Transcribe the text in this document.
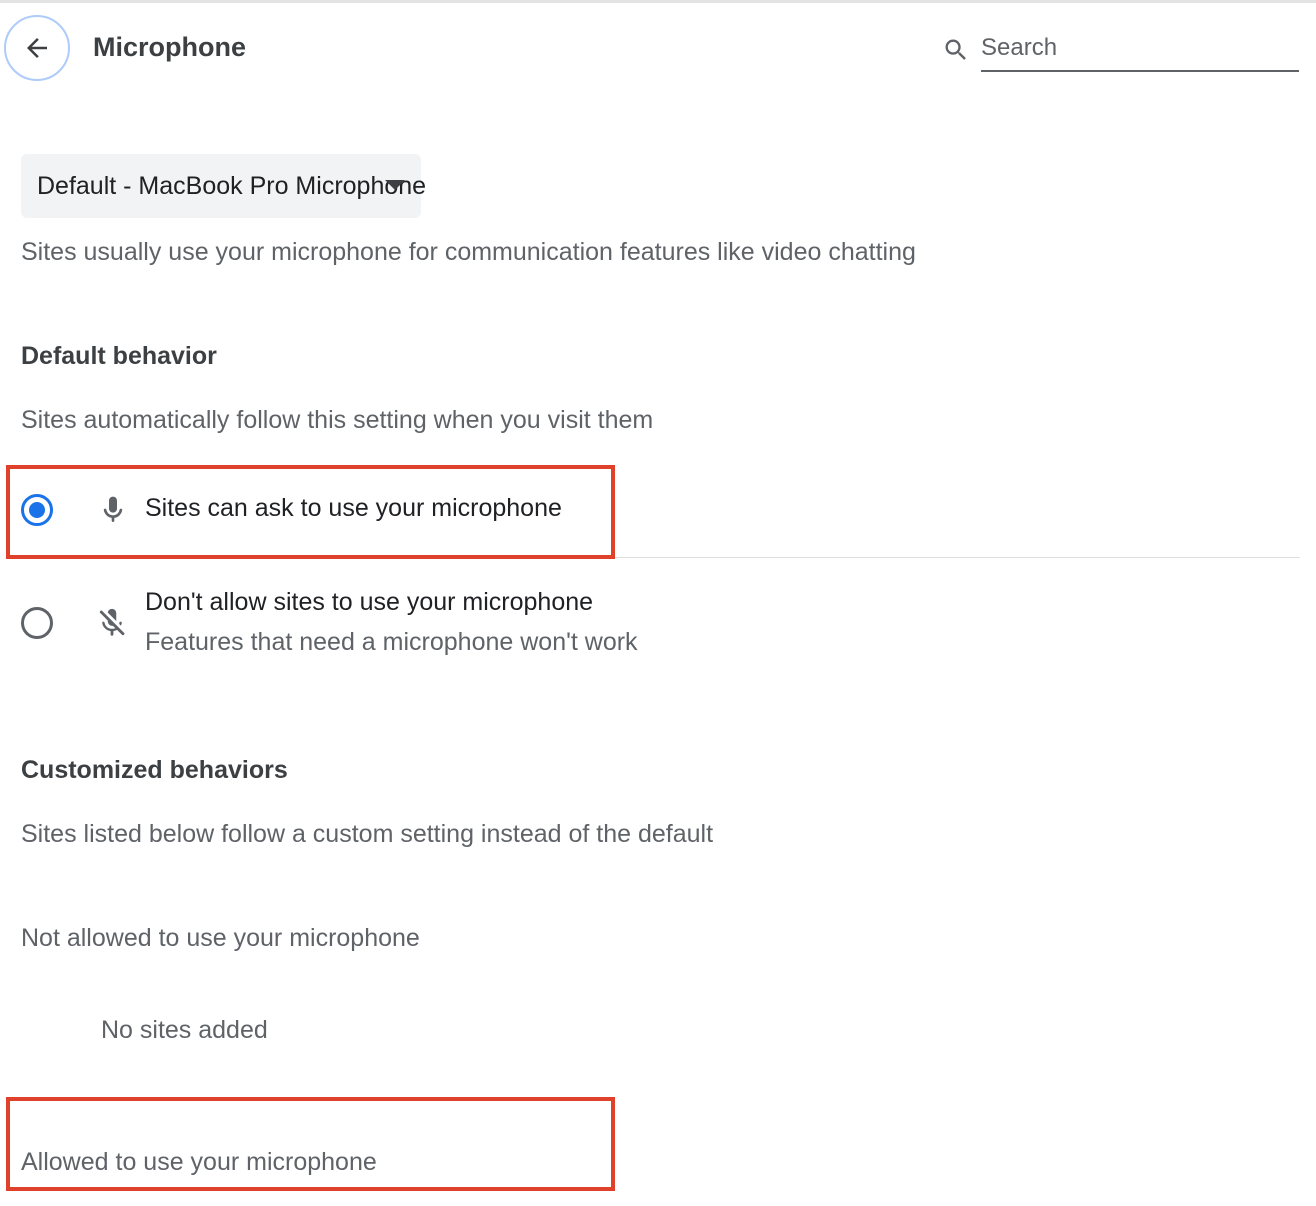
Microphone
Search
Default - MacBook Pro Microphone
Sites usually use your microphone for communication features like video chatting
Default behavior
Sites automatically follow this setting when you visit them
Sites can ask to use your microphone
Don't allow sites to use your microphone
Features that need a microphone won't work
Customized behaviors
Sites listed below follow a custom setting instead of the default
Not allowed to use your microphone
No sites added
Allowed to use your microphone
